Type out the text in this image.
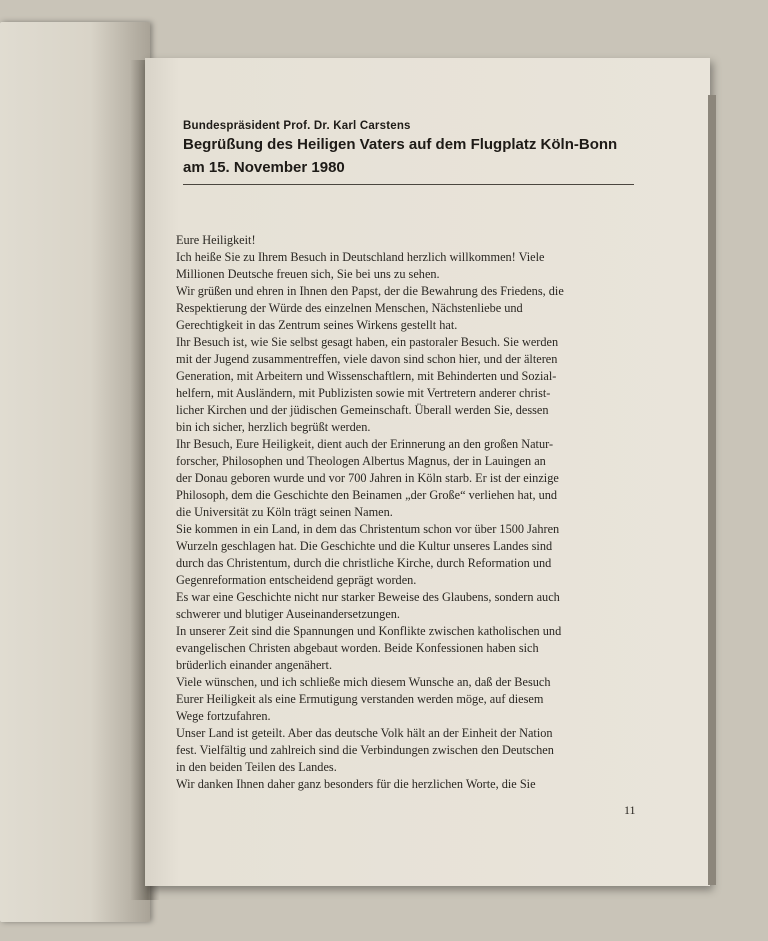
Bundespräsident Prof. Dr. Karl Carstens
Begrüßung des Heiligen Vaters auf dem Flugplatz Köln-Bonn
am 15. November 1980
Eure Heiligkeit!
Ich heiße Sie zu Ihrem Besuch in Deutschland herzlich willkommen! Viele
Millionen Deutsche freuen sich, Sie bei uns zu sehen.
Wir grüßen und ehren in Ihnen den Papst, der die Bewahrung des Friedens, die
Respektierung der Würde des einzelnen Menschen, Nächstenliebe und
Gerechtigkeit in das Zentrum seines Wirkens gestellt hat.
Ihr Besuch ist, wie Sie selbst gesagt haben, ein pastoraler Besuch. Sie werden
mit der Jugend zusammentreffen, viele davon sind schon hier, und der älteren
Generation, mit Arbeitern und Wissenschaftlern, mit Behinderten und Sozial-
helfern, mit Ausländern, mit Publizisten sowie mit Vertretern anderer christ-
licher Kirchen und der jüdischen Gemeinschaft. Überall werden Sie, dessen
bin ich sicher, herzlich begrüßt werden.
Ihr Besuch, Eure Heiligkeit, dient auch der Erinnerung an den großen Natur-
forscher, Philosophen und Theologen Albertus Magnus, der in Lauingen an
der Donau geboren wurde und vor 700 Jahren in Köln starb. Er ist der einzige
Philosoph, dem die Geschichte den Beinamen „der Große“ verliehen hat, und
die Universität zu Köln trägt seinen Namen.
Sie kommen in ein Land, in dem das Christentum schon vor über 1500 Jahren
Wurzeln geschlagen hat. Die Geschichte und die Kultur unseres Landes sind
durch das Christentum, durch die christliche Kirche, durch Reformation und
Gegenreformation entscheidend geprägt worden.
Es war eine Geschichte nicht nur starker Beweise des Glaubens, sondern auch
schwerer und blutiger Auseinandersetzungen.
In unserer Zeit sind die Spannungen und Konflikte zwischen katholischen und
evangelischen Christen abgebaut worden. Beide Konfessionen haben sich
brüderlich einander angenähert.
Viele wünschen, und ich schließe mich diesem Wunsche an, daß der Besuch
Eurer Heiligkeit als eine Ermutigung verstanden werden möge, auf diesem
Wege fortzufahren.
Unser Land ist geteilt. Aber das deutsche Volk hält an der Einheit der Nation
fest. Vielfältig und zahlreich sind die Verbindungen zwischen den Deutschen
in den beiden Teilen des Landes.
Wir danken Ihnen daher ganz besonders für die herzlichen Worte, die Sie
11
